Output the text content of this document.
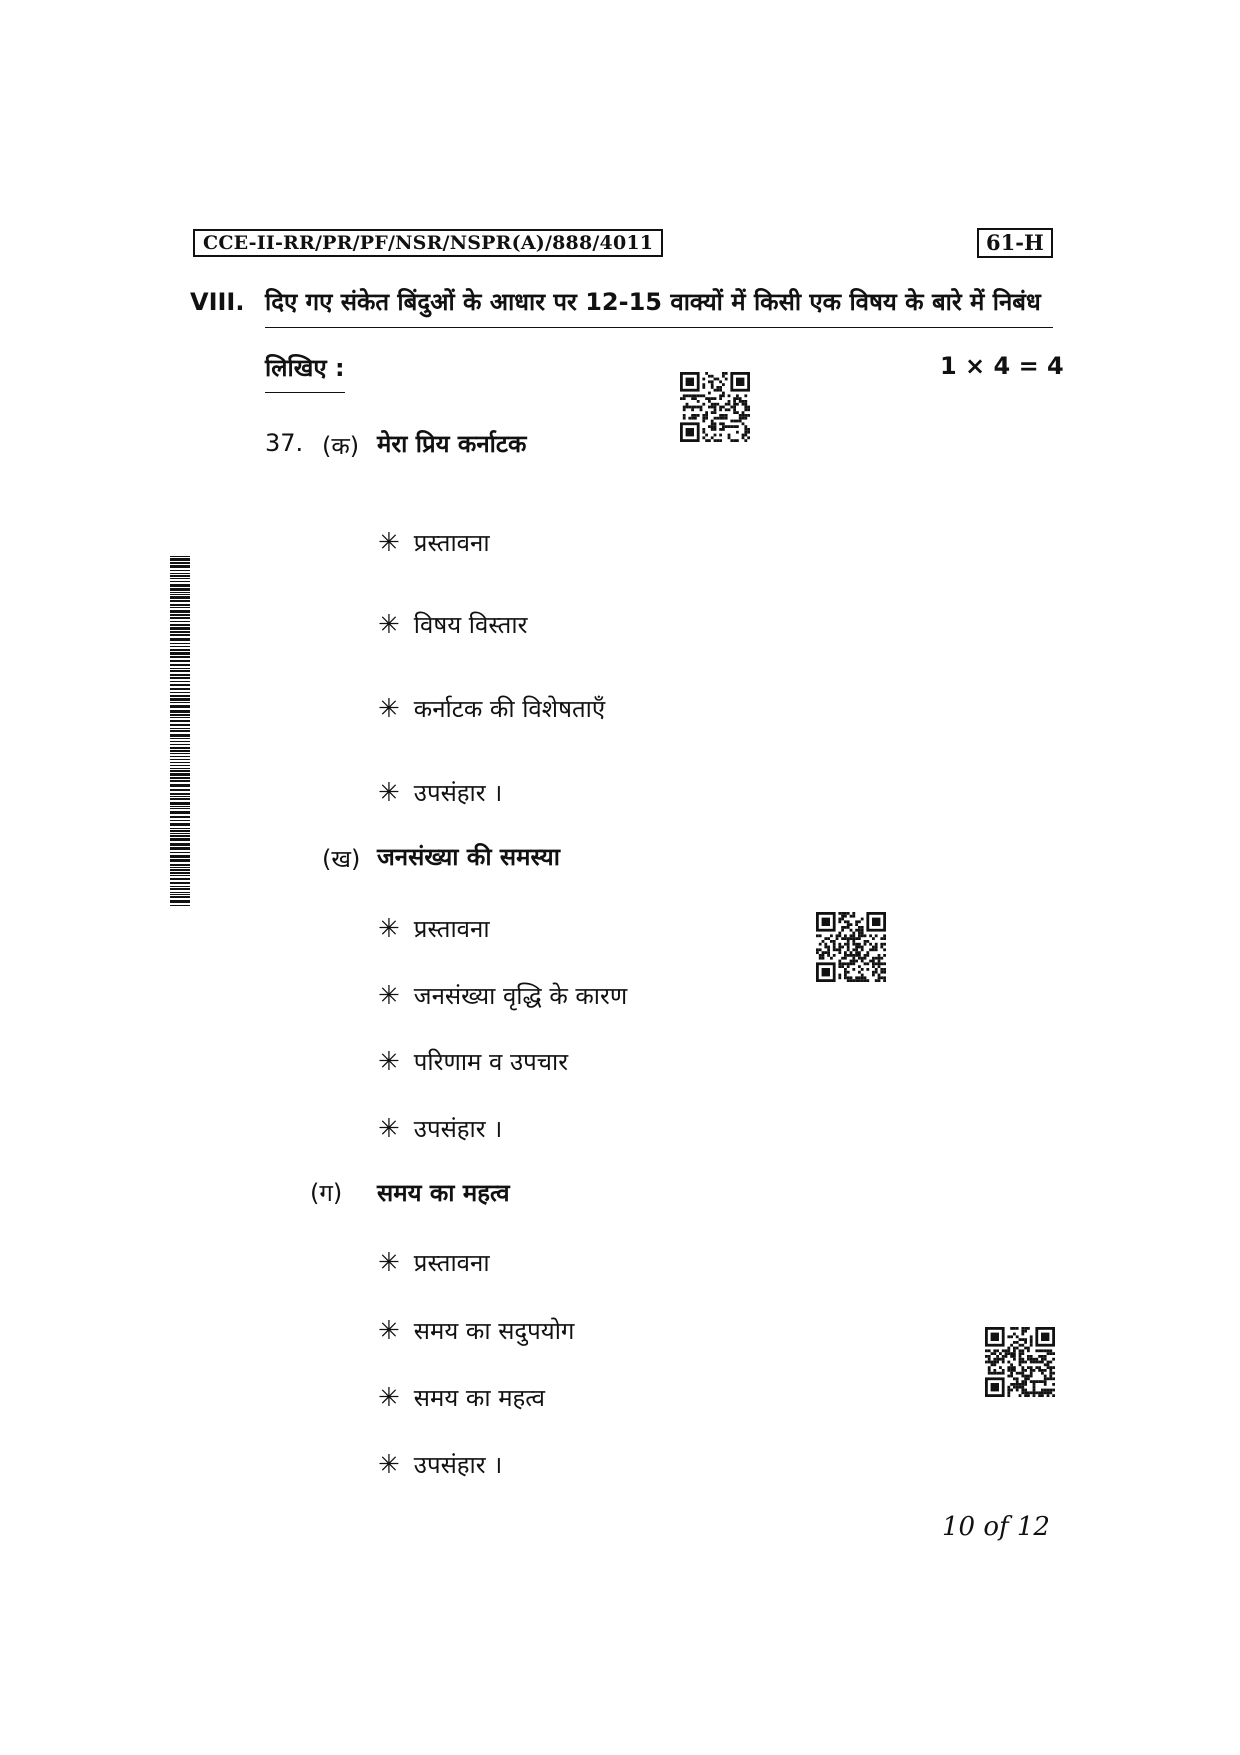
CCE-II-RR/PR/PF/NSR/NSPR(A)/888/4011	61-H
VIII. दिए गए संकेत बिंदुओं के आधार पर 12-15 वाक्यों में किसी एक विषय के बारे में निबंध
लिखिए :	1 × 4 = 4
37. (क) मेरा प्रिय कर्नाटक
✳ प्रस्तावना
✳ विषय विस्तार
✳ कर्नाटक की विशेषताएँ
✳ उपसंहार ।
(ख) जनसंख्या की समस्या
✳ प्रस्तावना
✳ जनसंख्या वृद्धि के कारण
✳ परिणाम व उपचार
✳ उपसंहार ।
(ग) समय का महत्व
✳ प्रस्तावना
✳ समय का सदुपयोग
✳ समय का महत्व
✳ उपसंहार ।
10 of 12
